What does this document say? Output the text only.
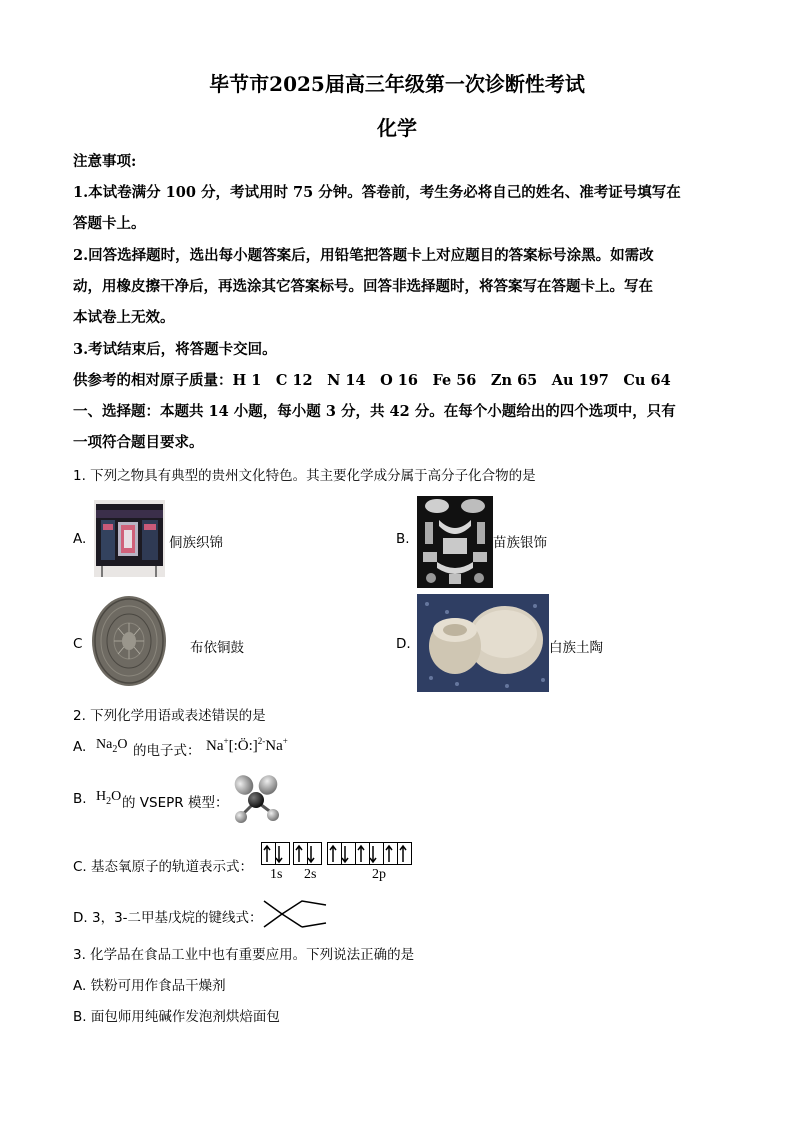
毕节市2025届高三年级第一次诊断性考试
化学
注意事项:
1.本试卷满分 100 分，考试用时 75 分钟。答卷前，考生务必将自己的姓名、准考证号填写在
答题卡上。
2.回答选择题时，选出每小题答案后，用铅笔把答题卡上对应题目的答案标号涂黑。如需改
动，用橡皮擦干净后，再选涂其它答案标号。回答非选择题时，将答案写在答题卡上。写在
本试卷上无效。
3.考试结束后，将答题卡交回。
供参考的相对原子质量：H 1　C 12　N 14　O 16　Fe 56　Zn 65　Au 197　Cu 64
一、选择题：本题共 14 小题，每小题 3 分，共 42 分。在每个小题给出的四个选项中，只有
一项符合题目要求。
1. 下列之物具有典型的贵州文化特色。其主要化学成分属于高分子化合物的是
A.	侗族织锦	B.	苗族银饰
C	布依铜鼓	D.	白族土陶
2. 下列化学用语或表述错误的是
A. $Na_2O$ 的电子式： Na+[:Ö:]$^{2-}$Na+
B. $H_2O$ 的 VSEPR 模型：
C. 基态氧原子的轨道表示式： 1s 2s	2p
D. 3，3-二甲基戊烷的键线式：
3. 化学品在食品工业中也有重要应用。下列说法正确的是
A. 铁粉可用作食品干燥剂
B. 面包师用纯碱作发泡剂烘焙面包
